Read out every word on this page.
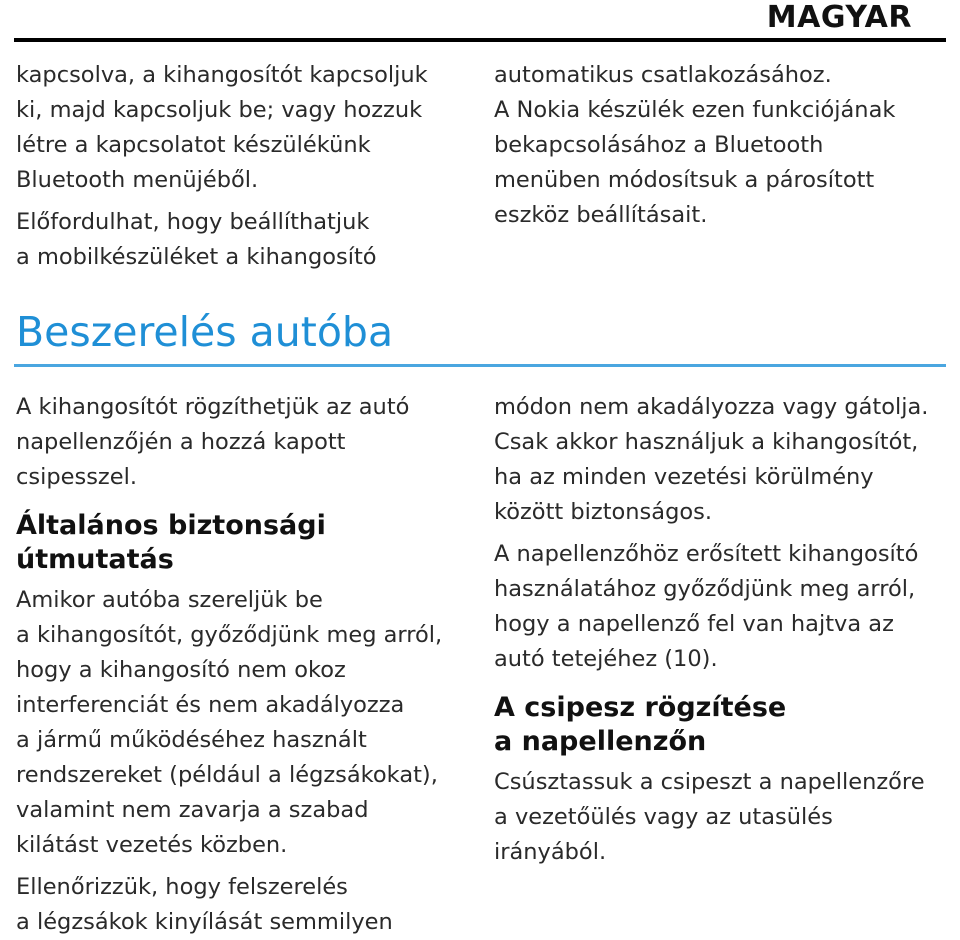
MAGYAR

kapcsolva, a kihangosítót kapcsoljuk
ki, majd kapcsoljuk be; vagy hozzuk
létre a kapcsolatot készülékünk
Bluetooth menüjéből.

Előfordulhat, hogy beállíthatjuk
a mobilkészüléket a kihangosító

automatikus csatlakozásához.
A Nokia készülék ezen funkciójának
bekapcsolásához a Bluetooth
menüben módosítsuk a párosított
eszköz beállításait.

Beszerelés autóba

A kihangosítót rögzíthetjük az autó
napellenzőjén a hozzá kapott
csipesszel.

Általános biztonsági útmutatás

Amikor autóba szereljük be
a kihangosítót, győződjünk meg arról,
hogy a kihangosító nem okoz
interferenciát és nem akadályozza
a jármű működéséhez használt
rendszereket (például a légzsákokat),
valamint nem zavarja a szabad
kilátást vezetés közben.

Ellenőrizzük, hogy felszerelés
a légzsákok kinyílását semmilyen

módon nem akadályozza vagy gátolja.
Csak akkor használjuk a kihangosítót,
ha az minden vezetési körülmény
között biztonságos.

A napellenzőhöz erősített kihangosító
használatához győződjünk meg arról,
hogy a napellenző fel van hajtva az
autó tetejéhez (10).

A csipesz rögzítése
a napellenzőn

Csúsztassuk a csipeszt a napellenzőre
a vezetőülés vagy az utasülés
irányából.
